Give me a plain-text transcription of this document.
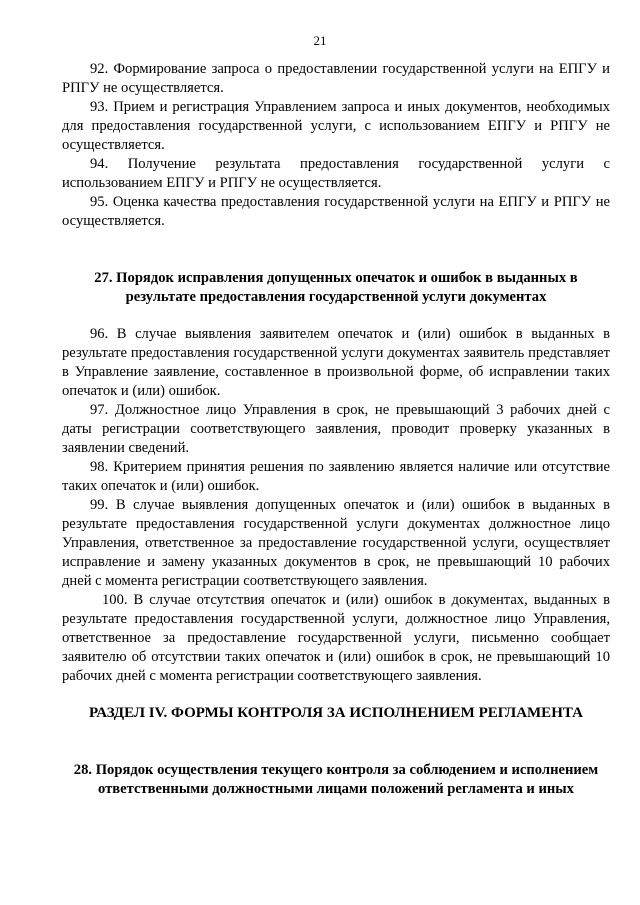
21

92. Формирование запроса о предоставлении государственной услуги на ЕПГУ и РПГУ не осуществляется.

93. Прием и регистрация Управлением запроса и иных документов, необходимых для предоставления государственной услуги, с использованием ЕПГУ и РПГУ не осуществляется.

94. Получение результата предоставления государственной услуги с использованием ЕПГУ и РПГУ не осуществляется.

95. Оценка качества предоставления государственной услуги на ЕПГУ и РПГУ не осуществляется.

27. Порядок исправления допущенных опечаток и ошибок в выданных в результате предоставления государственной услуги документах

96. В случае выявления заявителем опечаток и (или) ошибок в выданных в результате предоставления государственной услуги документах заявитель представляет в Управление заявление, составленное в произвольной форме, об исправлении таких опечаток и (или) ошибок.

97. Должностное лицо Управления в срок, не превышающий 3 рабочих дней с даты регистрации соответствующего заявления, проводит проверку указанных в заявлении сведений.

98. Критерием принятия решения по заявлению является наличие или отсутствие таких опечаток и (или) ошибок.

99. В случае выявления допущенных опечаток и (или) ошибок в выданных в результате предоставления государственной услуги документах должностное лицо Управления, ответственное за предоставление государственной услуги, осуществляет исправление и замену указанных документов в срок, не превышающий 10 рабочих дней с момента регистрации соответствующего заявления.

100. В случае отсутствия опечаток и (или) ошибок в документах, выданных в результате предоставления государственной услуги, должностное лицо Управления, ответственное за предоставление государственной услуги, письменно сообщает заявителю об отсутствии таких опечаток и (или) ошибок в срок, не превышающий 10 рабочих дней с момента регистрации соответствующего заявления.

РАЗДЕЛ IV. ФОРМЫ КОНТРОЛЯ ЗА ИСПОЛНЕНИЕМ РЕГЛАМЕНТА
28. Порядок осуществления текущего контроля за соблюдением и исполнением ответственными должностными лицами положений регламента и иных
